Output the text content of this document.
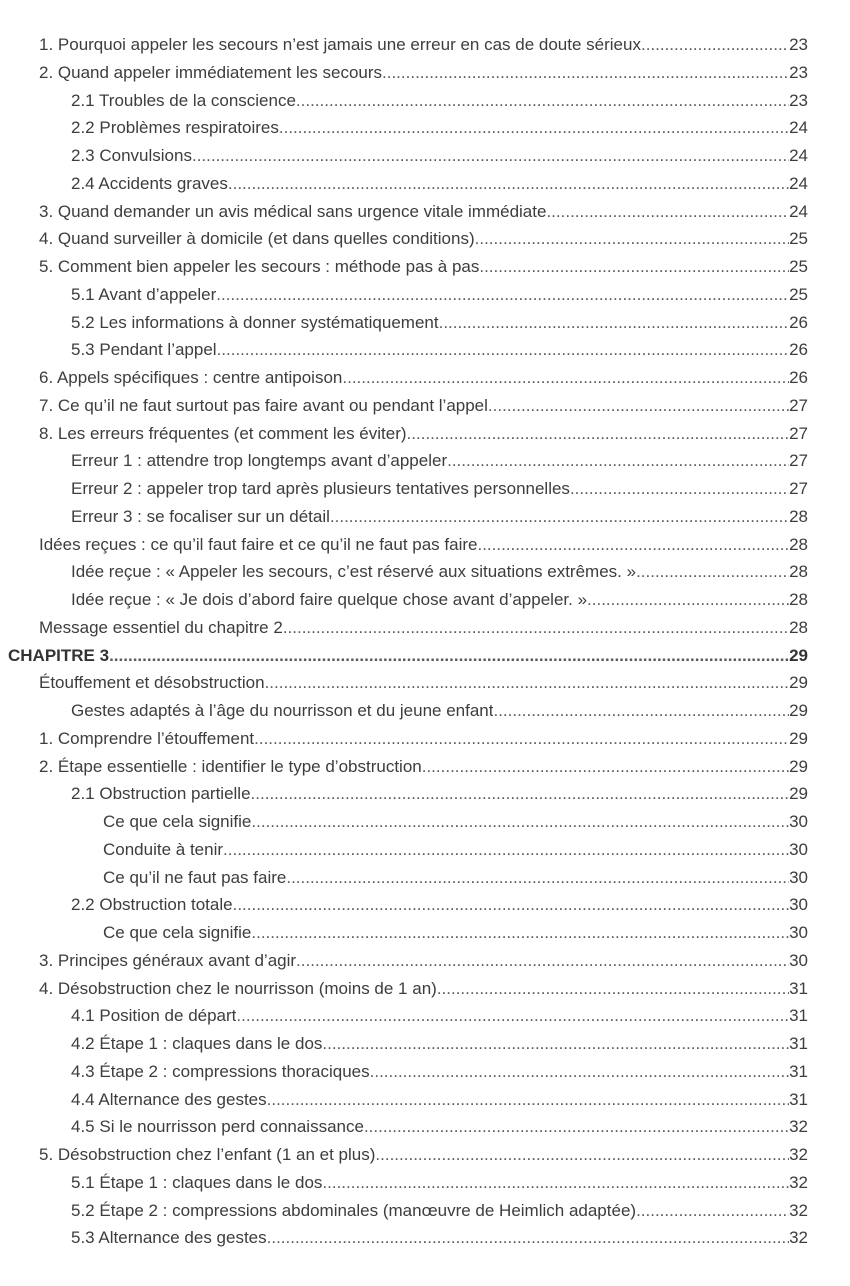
1. Pourquoi appeler les secours n’est jamais une erreur en cas de doute sérieux .....	23
2. Quand appeler immédiatement les secours .....	23
2.1 Troubles de la conscience .....	23
2.2 Problèmes respiratoires .....	24
2.3 Convulsions .....	24
2.4 Accidents graves .....	24
3. Quand demander un avis médical sans urgence vitale immédiate .....	24
4. Quand surveiller à domicile (et dans quelles conditions) .....	25
5. Comment bien appeler les secours : méthode pas à pas .....	25
5.1 Avant d’appeler .....	25
5.2 Les informations à donner systématiquement .....	26
5.3 Pendant l’appel .....	26
6. Appels spécifiques : centre antipoison .....	26
7. Ce qu’il ne faut surtout pas faire avant ou pendant l’appel .....	27
8. Les erreurs fréquentes (et comment les éviter) .....	27
Erreur 1 : attendre trop longtemps avant d’appeler .....	27
Erreur 2 : appeler trop tard après plusieurs tentatives personnelles .....	27
Erreur 3 : se focaliser sur un détail .....	28
Idées reçues : ce qu’il faut faire et ce qu’il ne faut pas faire .....	28
Idée reçue : « Appeler les secours, c’est réservé aux situations extrêmes. » .....	28
Idée reçue : « Je dois d’abord faire quelque chose avant d’appeler. » .....	28
Message essentiel du chapitre 2 .....	28
CHAPITRE 3 .....	29
Étouffement et désobstruction .....	29
Gestes adaptés à l’âge du nourrisson et du jeune enfant .....	29
1. Comprendre l’étouffement .....	29
2. Étape essentielle : identifier le type d’obstruction .....	29
2.1 Obstruction partielle .....	29
Ce que cela signifie .....	30
Conduite à tenir .....	30
Ce qu’il ne faut pas faire .....	30
2.2 Obstruction totale .....	30
Ce que cela signifie .....	30
3. Principes généraux avant d’agir .....	30
4. Désobstruction chez le nourrisson (moins de 1 an) .....	31
4.1 Position de départ .....	31
4.2 Étape 1 : claques dans le dos .....	31
4.3 Étape 2 : compressions thoraciques .....	31
4.4 Alternance des gestes .....	31
4.5 Si le nourrisson perd connaissance .....	32
5. Désobstruction chez l’enfant (1 an et plus) .....	32
5.1 Étape 1 : claques dans le dos .....	32
5.2 Étape 2 : compressions abdominales (manœuvre de Heimlich adaptée) .....	32
5.3 Alternance des gestes .....	32
